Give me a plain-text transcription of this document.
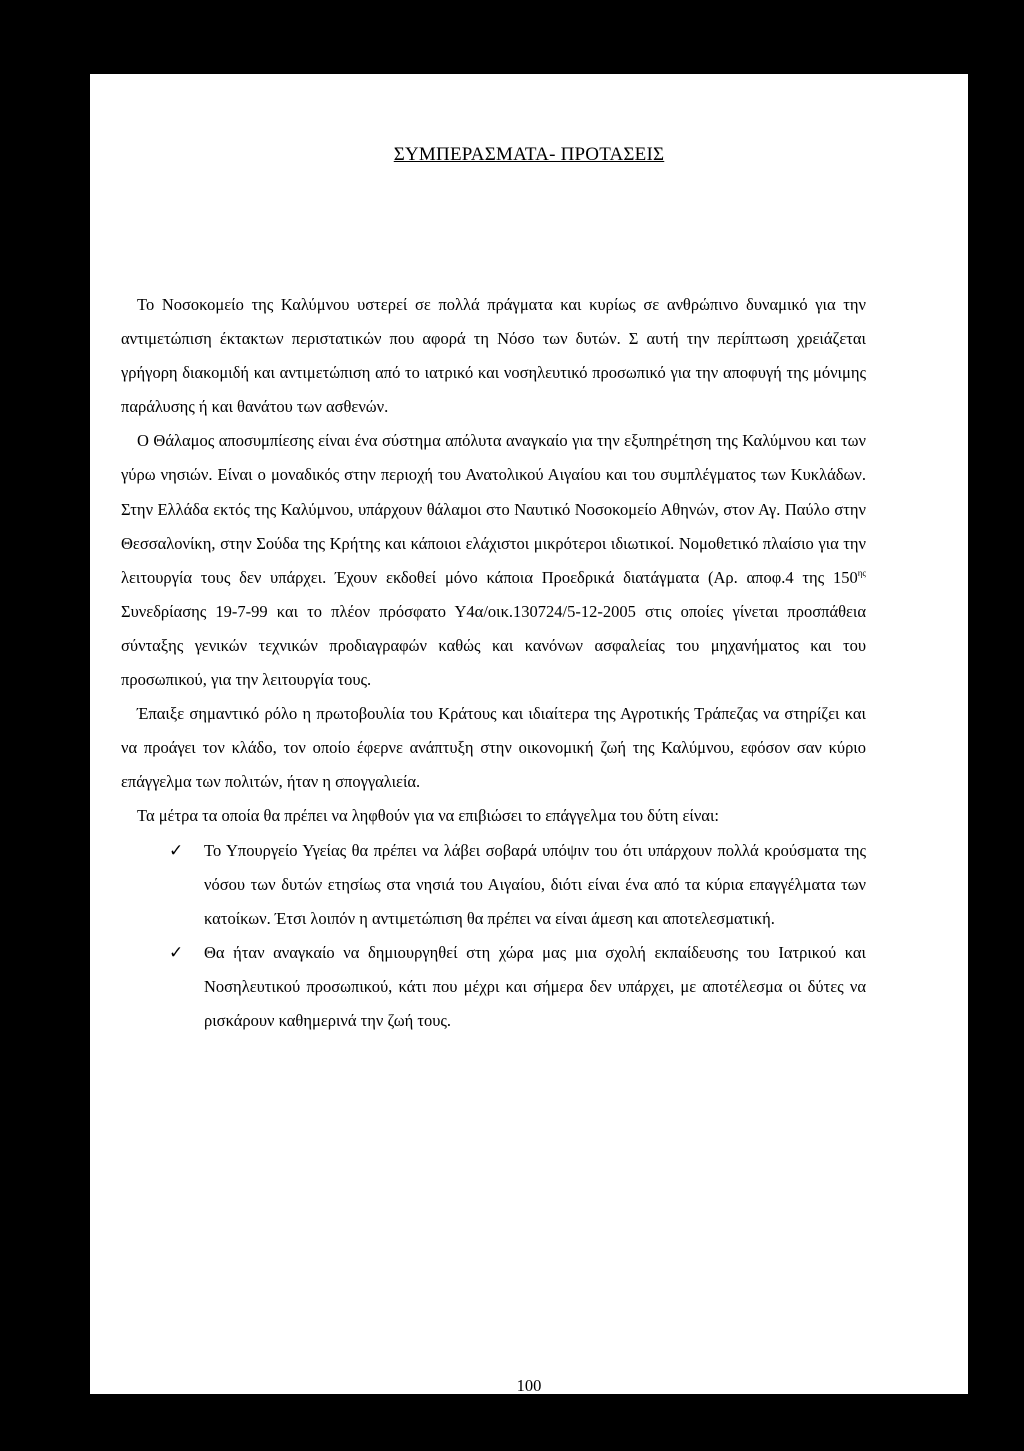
ΣΥΜΠΕΡΑΣΜΑΤΑ- ΠΡΟΤΑΣΕΙΣ

Το Νοσοκομείο της Καλύμνου υστερεί σε πολλά πράγματα και κυρίως σε ανθρώπινο δυναμικό για την αντιμετώπιση έκτακτων περιστατικών που αφορά τη Νόσο των δυτών. Σ αυτή την περίπτωση χρειάζεται γρήγορη διακομιδή και αντιμετώπιση από το ιατρικό και νοσηλευτικό προσωπικό για την αποφυγή της μόνιμης παράλυσης ή και θανάτου των ασθενών.

Ο Θάλαμος αποσυμπίεσης είναι ένα σύστημα απόλυτα αναγκαίο για την εξυπηρέτηση της Καλύμνου και των γύρω νησιών. Είναι ο μοναδικός στην περιοχή του Ανατολικού Αιγαίου και του συμπλέγματος των Κυκλάδων. Στην Ελλάδα εκτός της Καλύμνου, υπάρχουν θάλαμοι στο Ναυτικό Νοσοκομείο Αθηνών, στον Αγ. Παύλο στην Θεσσαλονίκη, στην Σούδα της Κρήτης και κάποιοι ελάχιστοι μικρότεροι ιδιωτικοί. Νομοθετικό πλαίσιο για την λειτουργία τους δεν υπάρχει. Έχουν εκδοθεί μόνο κάποια Προεδρικά διατάγματα (Αρ. αποφ.4 της $150^{\eta\varsigma}$ Συνεδρίασης 19-7-99 και το πλέον πρόσφατο Υ4α/οικ.130724/5-12-2005 στις οποίες γίνεται προσπάθεια σύνταξης γενικών τεχνικών προδιαγραφών καθώς και κανόνων ασφαλείας του μηχανήματος και του προσωπικού, για την λειτουργία τους.

Έπαιξε σημαντικό ρόλο η πρωτοβουλία του Κράτους και ιδιαίτερα της Αγροτικής Τράπεζας να στηρίζει και να προάγει τον κλάδο, τον οποίο έφερνε ανάπτυξη στην οικονομική ζωή της Καλύμνου, εφόσον σαν κύριο επάγγελμα των πολιτών, ήταν η σπογγαλιεία.

Τα μέτρα τα οποία θα πρέπει να ληφθούν για να επιβιώσει το επάγγελμα του δύτη είναι:

✓ Το Υπουργείο Υγείας θα πρέπει να λάβει σοβαρά υπόψιν του ότι υπάρχουν πολλά κρούσματα της νόσου των δυτών ετησίως στα νησιά του Αιγαίου, διότι είναι ένα από τα κύρια επαγγέλματα των κατοίκων. Έτσι λοιπόν η αντιμετώπιση θα πρέπει να είναι άμεση και αποτελεσματική.
✓ Θα ήταν αναγκαίο να δημιουργηθεί στη χώρα μας μια σχολή εκπαίδευσης του Ιατρικού και Νοσηλευτικού προσωπικού, κάτι που μέχρι και σήμερα δεν υπάρχει, με αποτέλεσμα οι δύτες να ρισκάρουν καθημερινά την ζωή τους.
100
